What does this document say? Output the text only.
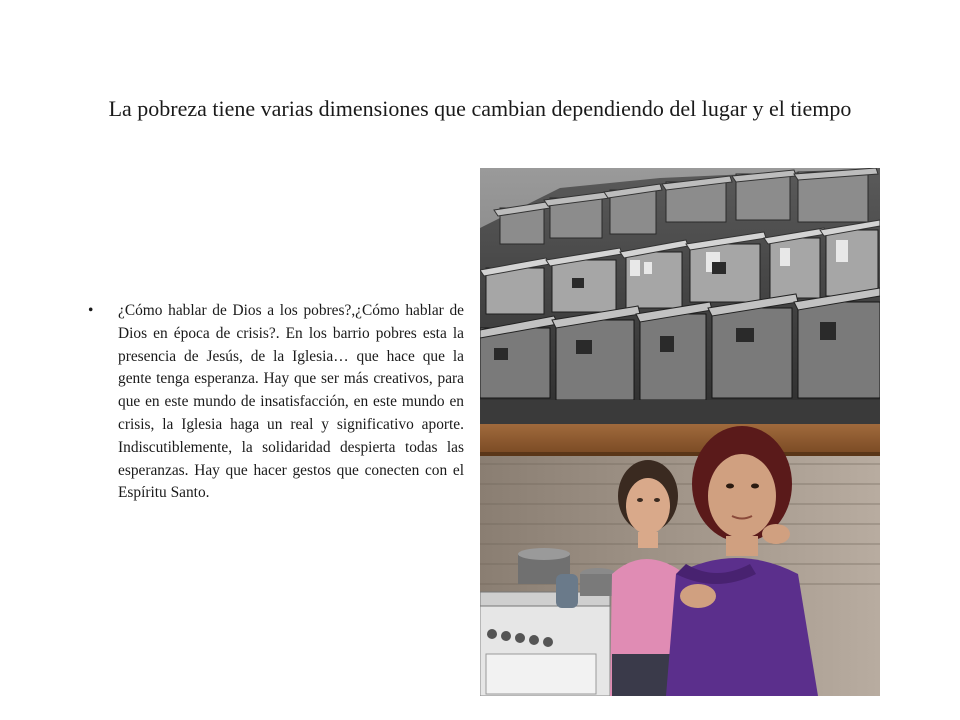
La pobreza tiene varias dimensiones que cambian dependiendo del lugar y el tiempo
• ¿Cómo hablar de Dios a los pobres?,¿Cómo hablar de Dios en época de crisis?. En los barrio pobres esta la presencia de Jesús, de la Iglesia… que hace que la gente tenga esperanza. Hay que ser más creativos, para que en este mundo de insatisfacción, en este mundo en crisis, la Iglesia haga un real y significativo aporte. Indiscutiblemente, la solidaridad despierta todas las esperanzas. Hay que hacer gestos que conecten con el Espíritu Santo.
